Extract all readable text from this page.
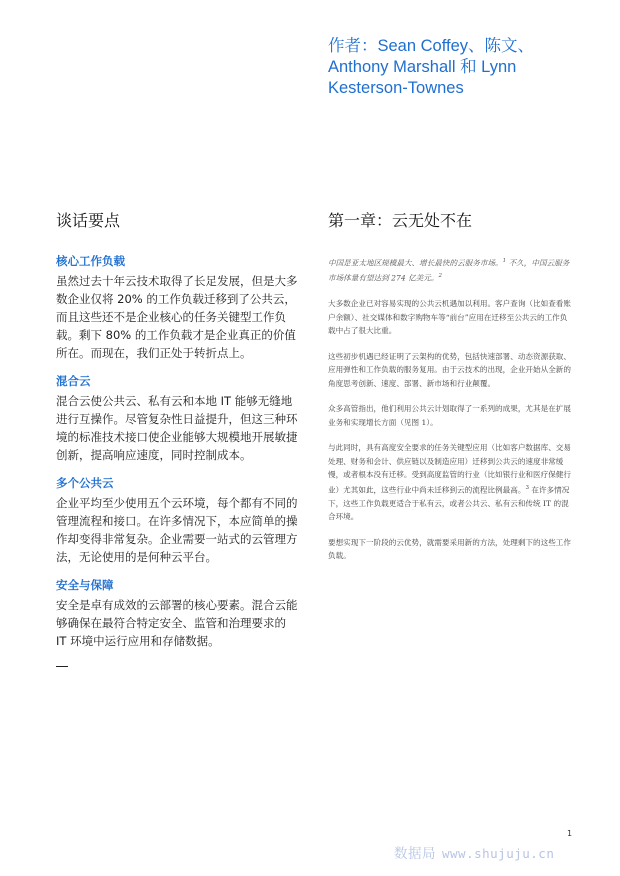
作者：Sean Coffey、陈文、
Anthony Marshall 和 Lynn
Kesterson-Townes
谈话要点
核心工作负载

虽然过去十年云技术取得了长足发展，但是大多数企业仅将 20% 的工作负载迁移到了公共云，而且这些还不是企业核心的任务关键型工作负载。剩下 80% 的工作负载才是企业真正的价值所在。而现在，我们正处于转折点上。

混合云

混合云使公共云、私有云和本地 IT 能够无缝地进行互操作。尽管复杂性日益提升，但这三种环境的标准技术接口使企业能够大规模地开展敏捷创新，提高响应速度，同时控制成本。

多个公共云

企业平均至少使用五个云环境，每个都有不同的管理流程和接口。在许多情况下，本应简单的操作却变得非常复杂。企业需要一站式的云管理方法，无论使用的是何种云平台。

安全与保障

安全是卓有成效的云部署的核心要素。混合云能够确保在最符合特定安全、监管和治理要求的 IT 环境中运行应用和存储数据。

第一章：云无处不在

中国是亚太地区规模最大、增长最快的云服务市场。$^1$ 不久，中国云服务市场体量有望达到 274 亿美元。$^2$

大多数企业已对容易实现的公共云机遇加以利用。客户查询（比如查看账户余额）、社交媒体和数字购物车等“前台”应用在迁移至公共云的工作负载中占了很大比重。

这些初步机遇已经证明了云架构的优势，包括快速部署、动态资源获取、应用弹性和工作负载的服务复用。由于云技术的出现，企业开始从全新的角度思考创新、速度、部署、新市场和行业颠覆。

众多高管指出，他们利用公共云计划取得了一系列的成果，尤其是在扩展业务和实现增长方面（见图 1）。

与此同时，具有高度安全要求的任务关键型应用（比如客户数据库、交易处理、财务和会计、供应链以及制造应用）迁移到公共云的速度非常缓慢，或者根本没有迁移。受到高度监管的行业（比如银行业和医疗保健行业）尤其如此，这些行业中尚未迁移到云的流程比例最高。$^3$ 在许多情况下，这些工作负载更适合于私有云，或者公共云、私有云和传统 IT 的混合环境。

要想实现下一阶段的云优势，就需要采用新的方法，处理剩下的这些工作负载。

1
数据局 www.shujuju.cn
